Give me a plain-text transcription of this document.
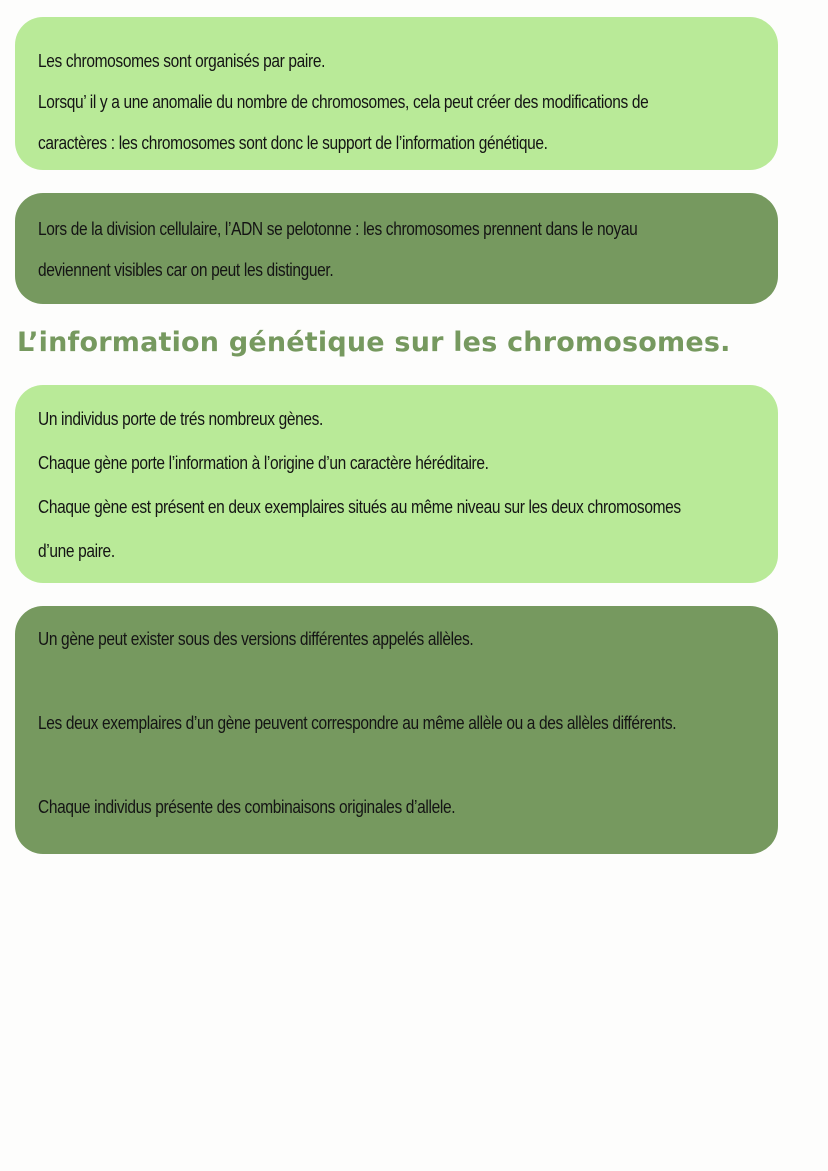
Les chromosomes sont organisés par paire.
Lorsqu’ il y a une anomalie du nombre de chromosomes, cela peut créer des modifications de
caractères : les chromosomes sont donc le support de l’information génétique.
Lors de la division cellulaire, l’ADN se pelotonne : les chromosomes prennent dans le noyau
deviennent visibles car on peut les distinguer.
L’information génétique sur les chromosomes.
Un individus porte de trés nombreux gènes.
Chaque gène porte l’information à l’origine d’un caractère héréditaire.
Chaque gène est présent en deux exemplaires situés au même niveau sur les deux chromosomes
d’une paire.
Un gène peut exister sous des versions différentes appelés allèles.
Les deux exemplaires d’un gène peuvent correspondre au même allèle ou a des allèles différents.
Chaque individus présente des combinaisons originales d’allele.
